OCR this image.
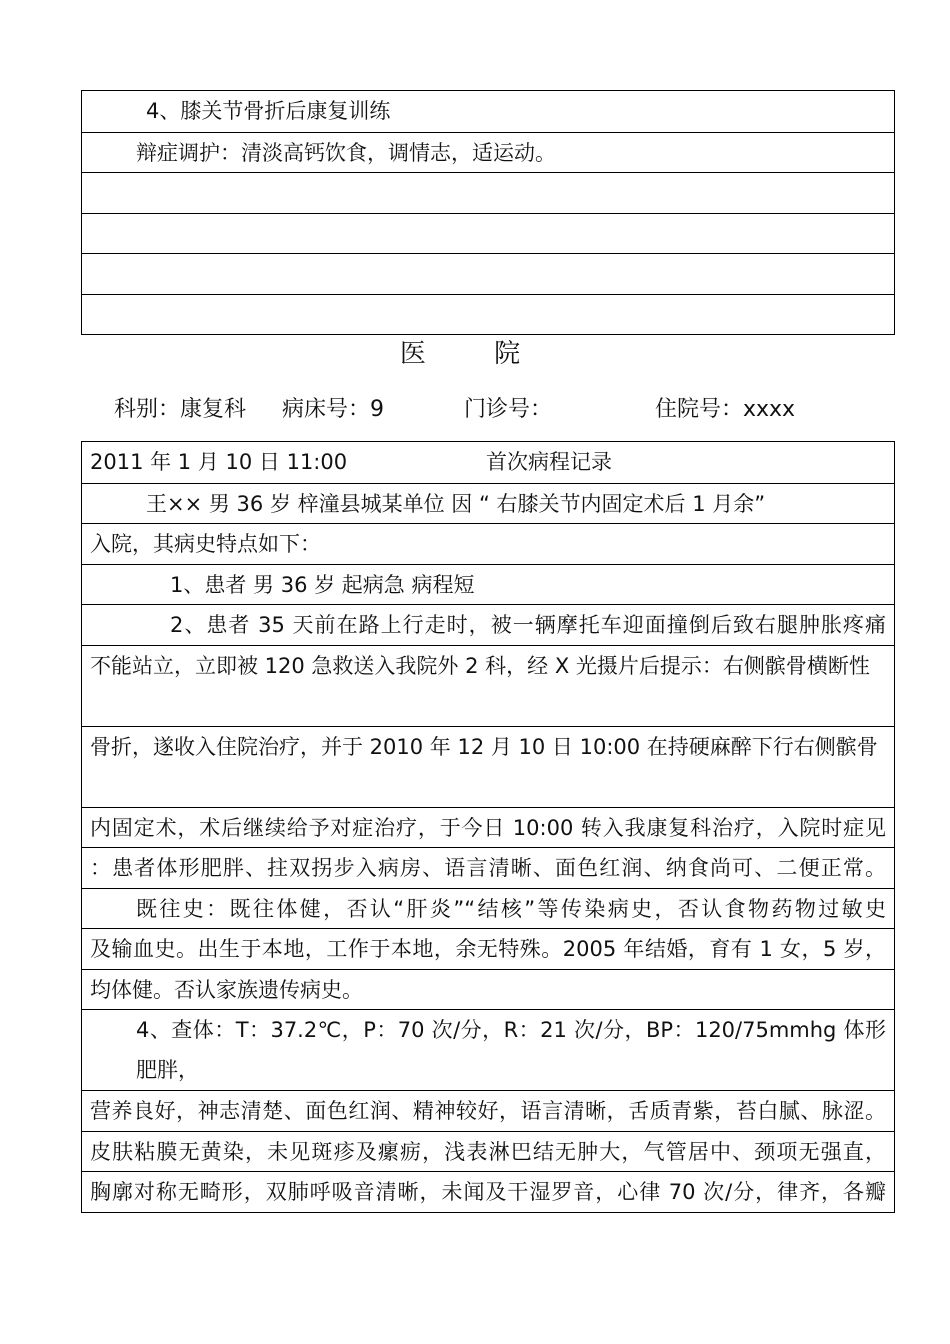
4、膝关节骨折后康复训练
辩症调护：清淡高钙饮食，调情志，适运动。
医 院
科别：康复科 病床号：9	门诊号：	住院号：xxxx
2011 年 1 月 10 日 11:00	首次病程记录
王×× 男 36 岁 梓潼县城某单位 因 “ 右膝关节内固定术后 1 月余”
入院，其病史特点如下：
1、患者 男 36 岁 起病急 病程短
2、患者 35 天前在路上行走时，被一辆摩托车迎面撞倒后致右腿肿胀疼痛
不能站立，立即被 120 急救送入我院外 2 科，经 X 光摄片后提示：右侧髌骨横断性
骨折，遂收入住院治疗，并于 2010 年 12 月 10 日 10:00 在持硬麻醉下行右侧髌骨
内固定术，术后继续给予对症治疗，于今日 10:00 转入我康复科治疗，入院时症见
：患者体形肥胖、拄双拐步入病房、语言清晰、面色红润、纳食尚可、二便正常。
既往史：既往体健，否认“肝炎”“结核”等传染病史，否认食物药物过敏史
及输血史。出生于本地，工作于本地，余无特殊。2005 年结婚，育有 1 女，5 岁，
均体健。否认家族遗传病史。
4、查体：T：37.2℃，P：70 次/分，R：21 次/分，BP：120/75mmhg 体形肥胖，
营养良好，神志清楚、面色红润、精神较好，语言清晰，舌质青紫，苔白腻、脉涩。
皮肤粘膜无黄染，未见斑疹及瘰疬，浅表淋巴结无肿大，气管居中、颈项无强直，
胸廓对称无畸形，双肺呼吸音清晰，未闻及干湿罗音，心律 70 次/分，律齐，各瓣
